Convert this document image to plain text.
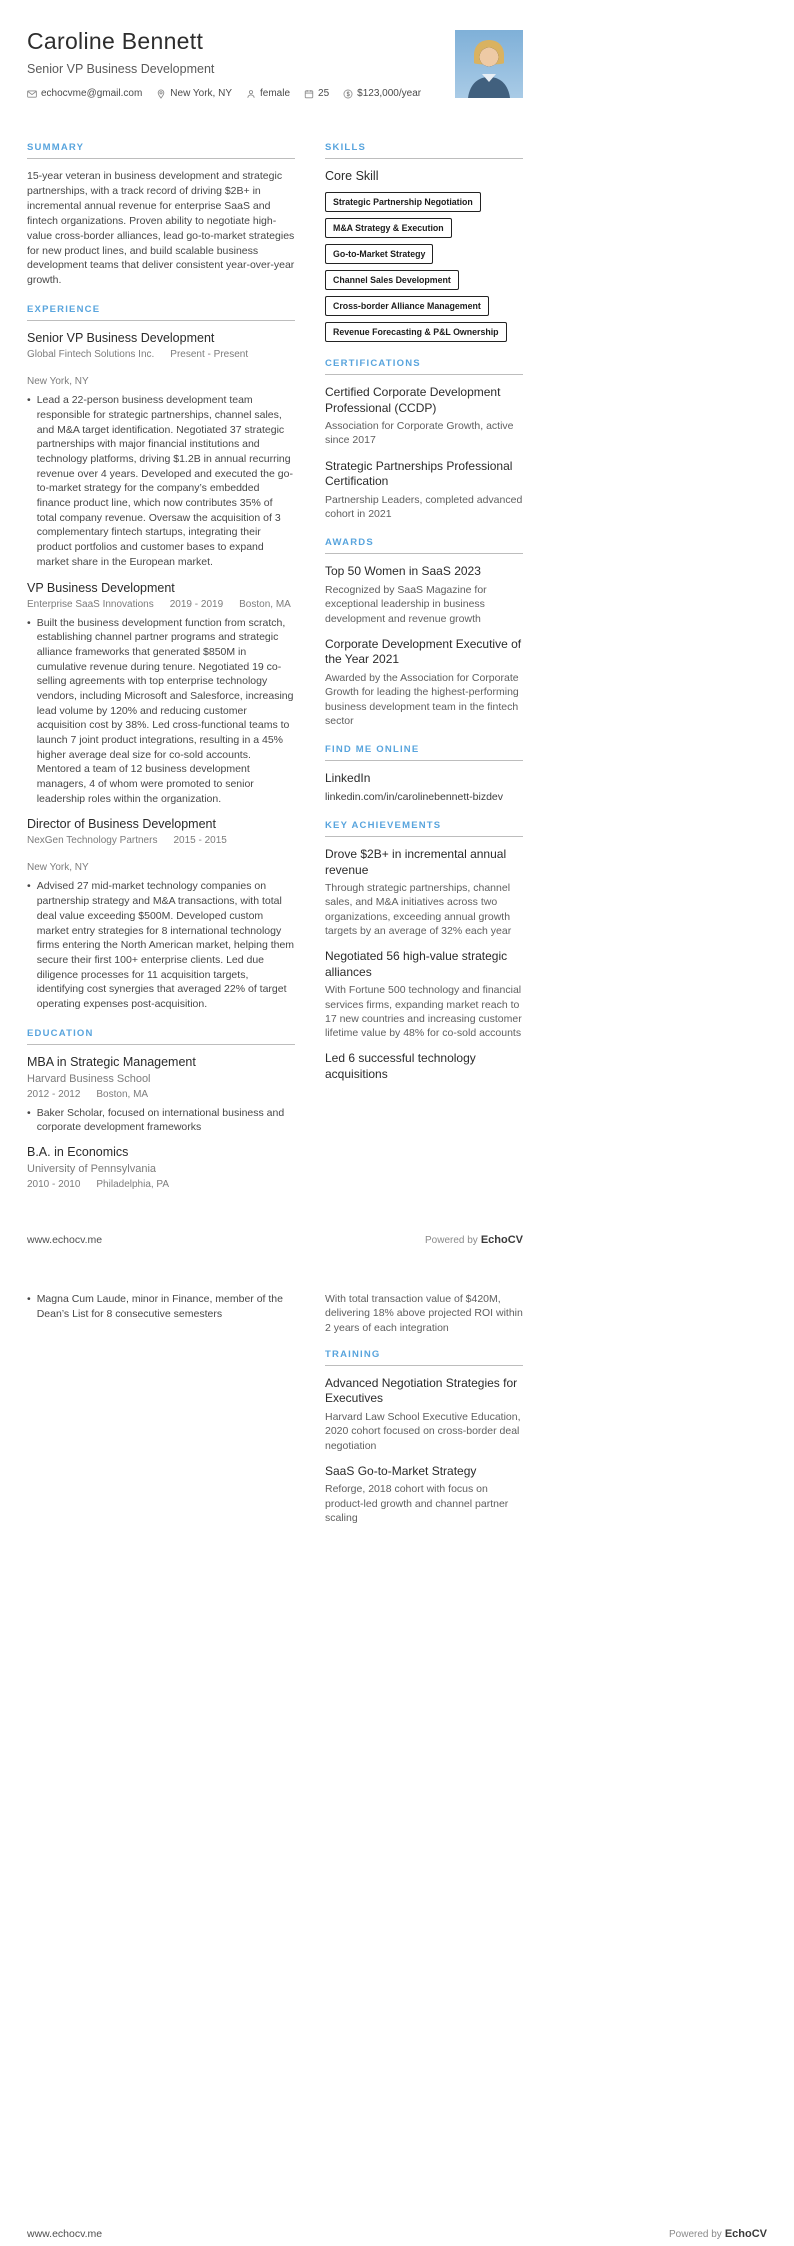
Caroline Bennett
Senior VP Business Development
echocvme@gmail.com	New York, NY	female	25	$123,000/year
SUMMARY

15-year veteran in business development and strategic partnerships, with a track record of driving $2B+ in incremental annual revenue for enterprise SaaS and fintech organizations. Proven ability to negotiate high-value cross-border alliances, lead go-to-market strategies for new product lines, and build scalable business development teams that deliver consistent year-over-year growth.

EXPERIENCE
Senior VP Business Development
Global Fintech Solutions Inc. Present - Present
New York, NY
• Lead a 22-person business development team responsible for strategic partnerships, channel sales, and M&A target identification. Negotiated 37 strategic partnerships with major financial institutions and technology platforms, driving $1.2B in annual recurring revenue over 4 years. Developed and executed the go-to-market strategy for the company’s embedded finance product line, which now contributes 35% of total company revenue. Oversaw the acquisition of 3 complementary fintech startups, integrating their product portfolios and customer bases to expand market share in the European market.
VP Business Development
Enterprise SaaS Innovations 2019 - 2019 Boston, MA
• Built the business development function from scratch, establishing channel partner programs and strategic alliance frameworks that generated $850M in cumulative revenue during tenure. Negotiated 19 co-selling agreements with top enterprise technology vendors, including Microsoft and Salesforce, increasing lead volume by 120% and reducing customer acquisition cost by 38%. Led cross-functional teams to launch 7 joint product integrations, resulting in a 45% higher average deal size for co-sold accounts. Mentored a team of 12 business development managers, 4 of whom were promoted to senior leadership roles within the organization.
Director of Business Development
NexGen Technology Partners 2015 - 2015
New York, NY
• Advised 27 mid-market technology companies on partnership strategy and M&A transactions, with total deal value exceeding $500M. Developed custom market entry strategies for 8 international technology firms entering the North American market, helping them secure their first 100+ enterprise clients. Led due diligence processes for 11 acquisition targets, identifying cost synergies that averaged 22% of target operating expenses post-acquisition.
EDUCATION
MBA in Strategic Management
Harvard Business School
2012 - 2012 Boston, MA
• Baker Scholar, focused on international business and corporate development frameworks
B.A. in Economics
University of Pennsylvania
2010 - 2010 Philadelphia, PA
SKILLS
Core Skill
Strategic Partnership Negotiation
M&A Strategy & Execution
Go-to-Market Strategy
Channel Sales Development
Cross-border Alliance Management
Revenue Forecasting & P&L Ownership
CERTIFICATIONS
Certified Corporate Development Professional (CCDP)
Association for Corporate Growth, active since 2017
Strategic Partnerships Professional Certification
Partnership Leaders, completed advanced cohort in 2021
AWARDS
Top 50 Women in SaaS 2023
Recognized by SaaS Magazine for exceptional leadership in business development and revenue growth
Corporate Development Executive of the Year 2021
Awarded by the Association for Corporate Growth for leading the highest-performing business development team in the fintech sector
FIND ME ONLINE
LinkedIn
linkedin.com/in/carolinebennett-bizdev
KEY ACHIEVEMENTS
Drove $2B+ in incremental annual revenue
Through strategic partnerships, channel sales, and M&A initiatives across two organizations, exceeding annual growth targets by an average of 32% each year
Negotiated 56 high-value strategic alliances
With Fortune 500 technology and financial services firms, expanding market reach to 17 new countries and increasing customer lifetime value by 48% for co-sold accounts
Led 6 successful technology acquisitions
www.echocv.me	Powered by EchoCV
• Magna Cum Laude, minor in Finance, member of the Dean’s List for 8 consecutive semesters
With total transaction value of $420M, delivering 18% above projected ROI within 2 years of each integration
TRAINING
Advanced Negotiation Strategies for Executives
Harvard Law School Executive Education, 2020 cohort focused on cross-border deal negotiation
SaaS Go-to-Market Strategy
Reforge, 2018 cohort with focus on product-led growth and channel partner scaling
www.echocv.me	Powered by EchoCV
